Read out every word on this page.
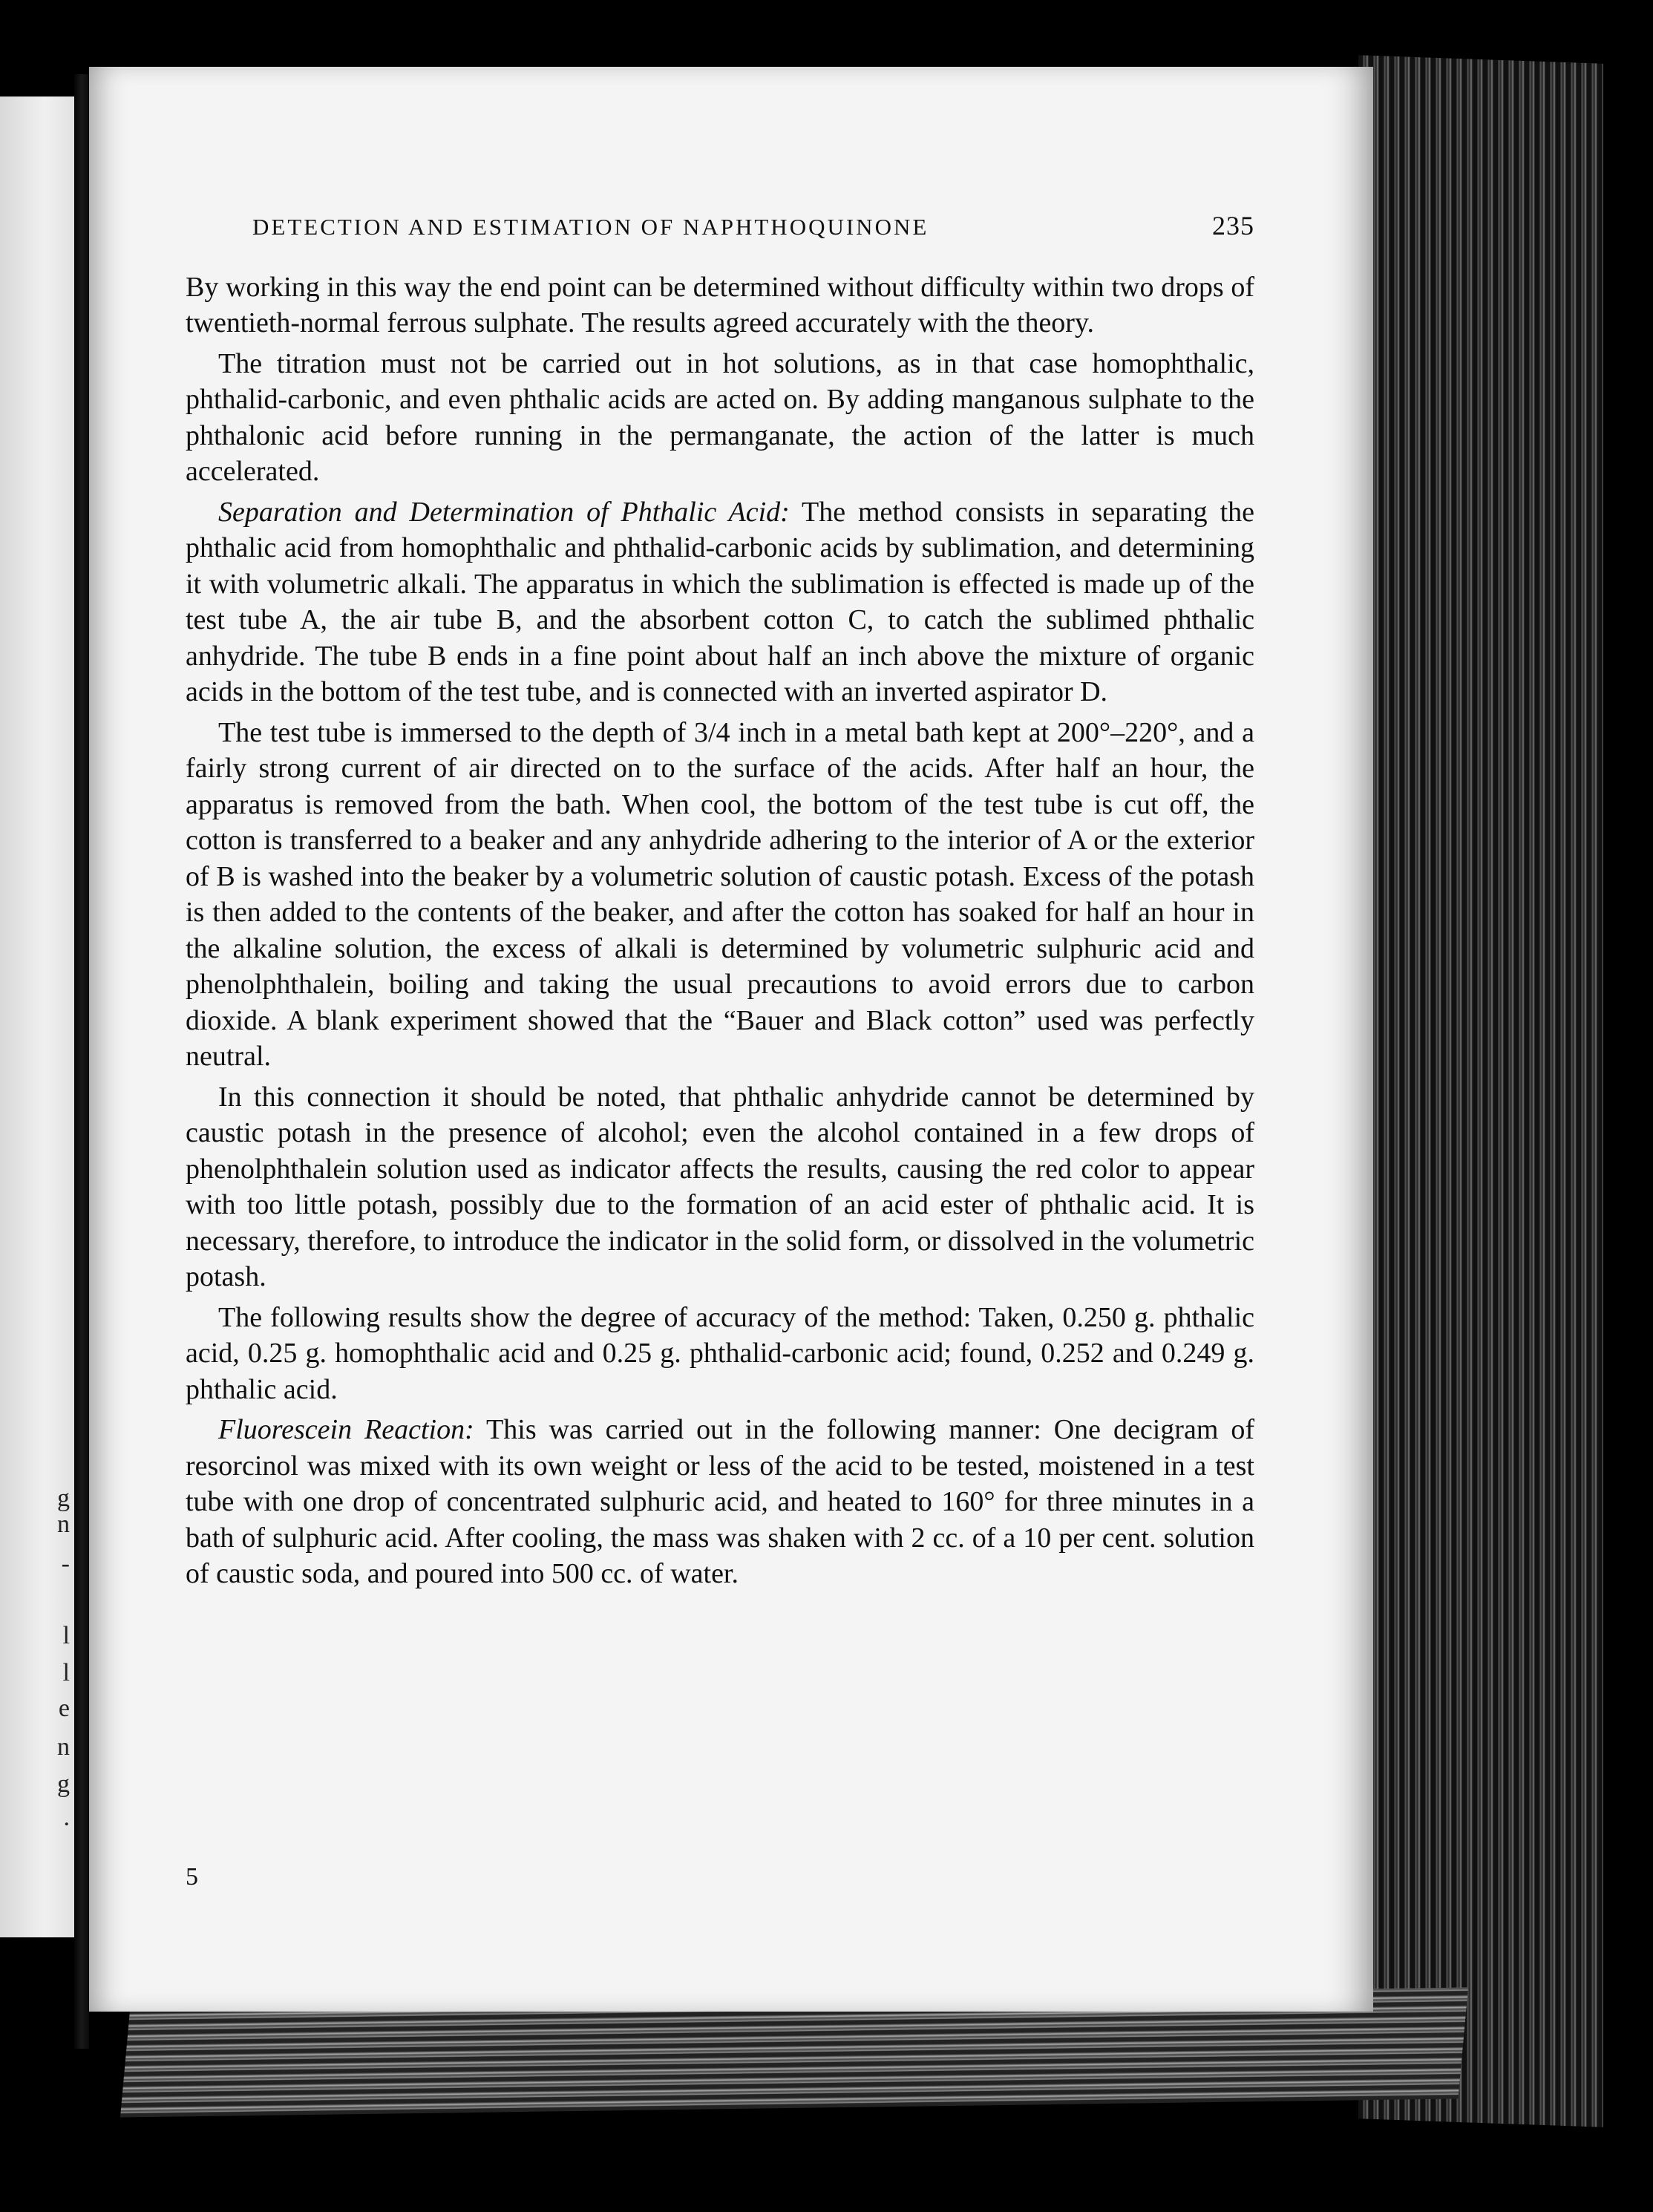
g
n
-
l
l
e
n
g
.
DETECTION AND ESTIMATION OF NAPHTHOQUINONE	235

By working in this way the end point can be determined without difficulty within two drops of twentieth-normal ferrous sulphate. The results agreed accurately with the theory.

The titration must not be carried out in hot solutions, as in that case homophthalic, phthalid-carbonic, and even phthalic acids are acted on. By adding manganous sulphate to the phthalonic acid before running in the permanganate, the action of the latter is much accelerated.

Separation and Determination of Phthalic Acid: The method consists in separating the phthalic acid from homophthalic and phthalid-carbonic acids by sublimation, and determining it with volumetric alkali. The apparatus in which the sublimation is effected is made up of the test tube A, the air tube B, and the absorbent cotton C, to catch the sublimed phthalic anhydride. The tube B ends in a fine point about half an inch above the mixture of organic acids in the bottom of the test tube, and is connected with an inverted aspirator D.

The test tube is immersed to the depth of 3/4 inch in a metal bath kept at 200°–220°, and a fairly strong current of air directed on to the surface of the acids. After half an hour, the apparatus is removed from the bath. When cool, the bottom of the test tube is cut off, the cotton is transferred to a beaker and any anhydride adhering to the interior of A or the exterior of B is washed into the beaker by a volumetric solution of caustic potash. Excess of the potash is then added to the contents of the beaker, and after the cotton has soaked for half an hour in the alkaline solution, the excess of alkali is determined by volumetric sulphuric acid and phenolphthalein, boiling and taking the usual precautions to avoid errors due to carbon dioxide. A blank experiment showed that the “Bauer and Black cotton” used was perfectly neutral.

In this connection it should be noted, that phthalic anhydride cannot be determined by caustic potash in the presence of alcohol; even the alcohol contained in a few drops of phenolphthalein solution used as indicator affects the results, causing the red color to appear with too little potash, possibly due to the formation of an acid ester of phthalic acid. It is necessary, therefore, to introduce the indicator in the solid form, or dissolved in the volumetric potash.

The following results show the degree of accuracy of the method: Taken, 0.250 g. phthalic acid, 0.25 g. homophthalic acid and 0.25 g. phthalid-carbonic acid; found, 0.252 and 0.249 g. phthalic acid.

Fluorescein Reaction: This was carried out in the following manner: One decigram of resorcinol was mixed with its own weight or less of the acid to be tested, moistened in a test tube with one drop of concentrated sulphuric acid, and heated to 160° for three minutes in a bath of sulphuric acid. After cooling, the mass was shaken with 2 cc. of a 10 per cent. solution of caustic soda, and poured into 500 cc. of water.

5
